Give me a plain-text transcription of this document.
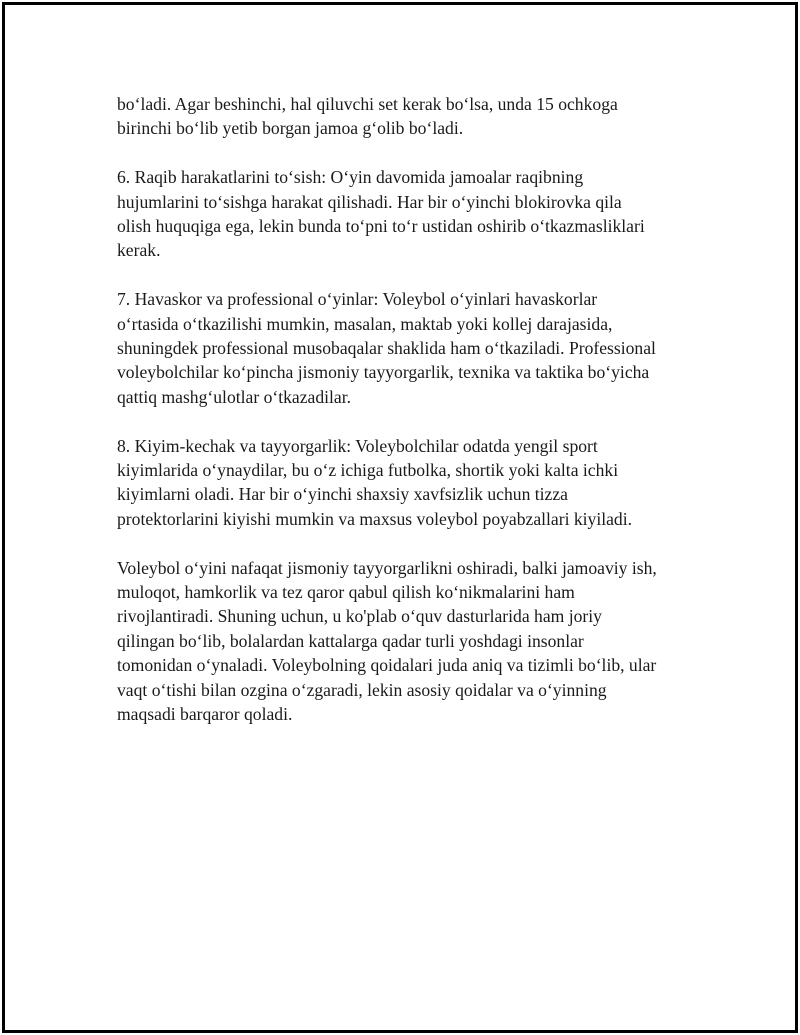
bo‘ladi. Agar beshinchi, hal qiluvchi set kerak bo‘lsa, unda 15 ochkoga
birinchi bo‘lib yetib borgan jamoa g‘olib bo‘ladi.

6. Raqib harakatlarini to‘sish: O‘yin davomida jamoalar raqibning
hujumlarini to‘sishga harakat qilishadi. Har bir o‘yinchi blokirovka qila
olish huquqiga ega, lekin bunda to‘pni to‘r ustidan oshirib o‘tkazmasliklari
kerak.

7. Havaskor va professional o‘yinlar: Voleybol o‘yinlari havaskorlar
o‘rtasida o‘tkazilishi mumkin, masalan, maktab yoki kollej darajasida,
shuningdek professional musobaqalar shaklida ham o‘tkaziladi. Professional
voleybolchilar ko‘pincha jismoniy tayyorgarlik, texnika va taktika bo‘yicha
qattiq mashg‘ulotlar o‘tkazadilar.

8. Kiyim-kechak va tayyorgarlik: Voleybolchilar odatda yengil sport
kiyimlarida o‘ynaydilar, bu o‘z ichiga futbolka, shortik yoki kalta ichki
kiyimlarni oladi. Har bir o‘yinchi shaxsiy xavfsizlik uchun tizza
protektorlarini kiyishi mumkin va maxsus voleybol poyabzallari kiyiladi.

Voleybol o‘yini nafaqat jismoniy tayyorgarlikni oshiradi, balki jamoaviy ish,
muloqot, hamkorlik va tez qaror qabul qilish ko‘nikmalarini ham
rivojlantiradi. Shuning uchun, u ko'plab o‘quv dasturlarida ham joriy
qilingan bo‘lib, bolalardan kattalarga qadar turli yoshdagi insonlar
tomonidan o‘ynaladi. Voleybolning qoidalari juda aniq va tizimli bo‘lib, ular
vaqt o‘tishi bilan ozgina o‘zgaradi, lekin asosiy qoidalar va o‘yinning
maqsadi barqaror qoladi.
